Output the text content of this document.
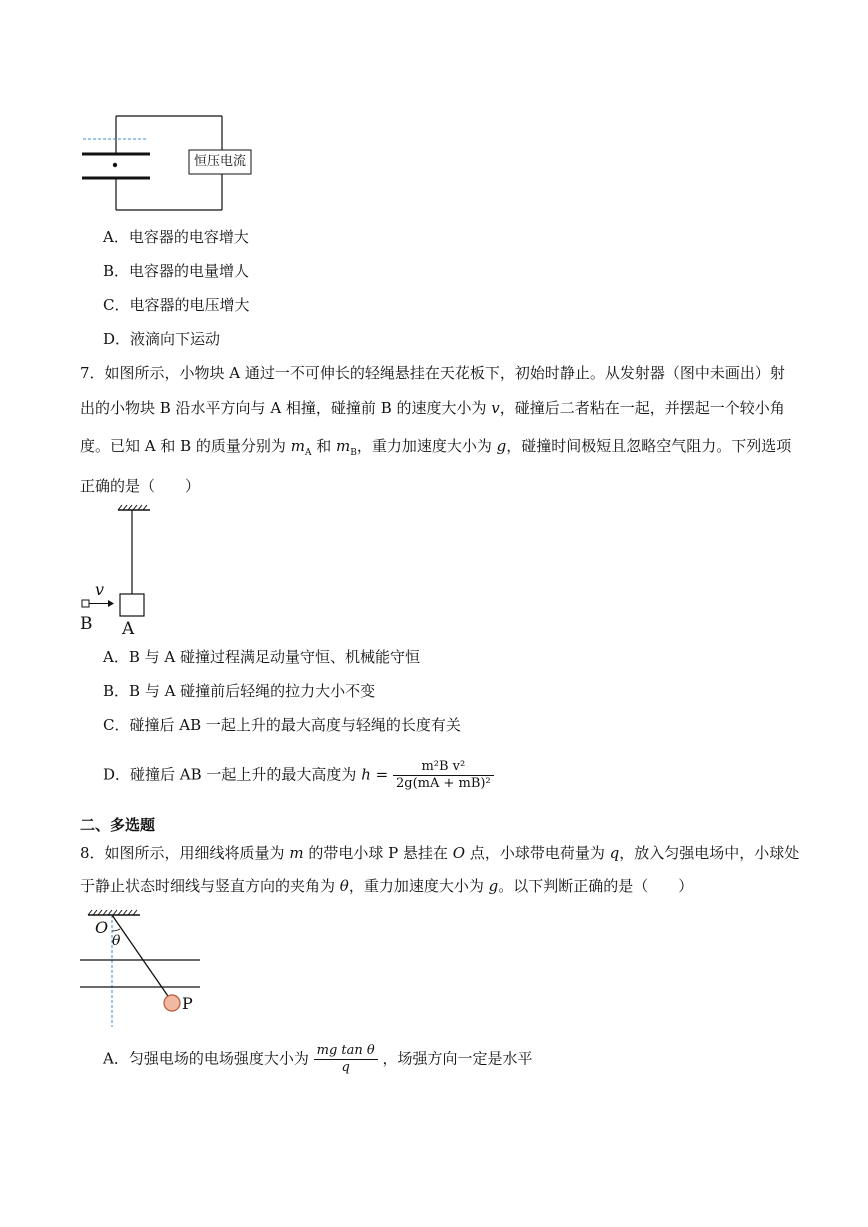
恒压电流
A．电容器的电容增大
B．电容器的电量增人
C．电容器的电压增大
D．液滴向下运动
7．如图所示，小物块 A 通过一不可伸长的轻绳悬挂在天花板下，初始时静止。从发射器（图中未画出）射
出的小物块 B 沿水平方向与 A 相撞，碰撞前 B 的速度大小为 v，碰撞后二者粘在一起，并摆起一个较小角
度。已知 A 和 B 的质量分别为 $m_A$ 和 $m_B$，重力加速度大小为 g，碰撞时间极短且忽略空气阻力。下列选项
正确的是（　　）
v
B A
A．B 与 A 碰撞过程满足动量守恒、机械能守恒
B．B 与 A 碰撞前后轻绳的拉力大小不变
C．碰撞后 AB 一起上升的最大高度与轻绳的长度有关
D．碰撞后 AB 一起上升的最大高度为 $h = \frac{\text{m²B v²}}{\text{2g(mA + mB)²}}$
二、多选题
8．如图所示，用细线将质量为 m 的带电小球 P 悬挂在 O 点，小球带电荷量为 q，放入匀强电场中，小球处
于静止状态时细线与竖直方向的夹角为 θ，重力加速度大小为 g。以下判断正确的是（　　）
O
θ
P
A．匀强电场的电场强度大小为 $\frac{\text{mg tan θ}}{q}$ ，场强方向一定是水平
